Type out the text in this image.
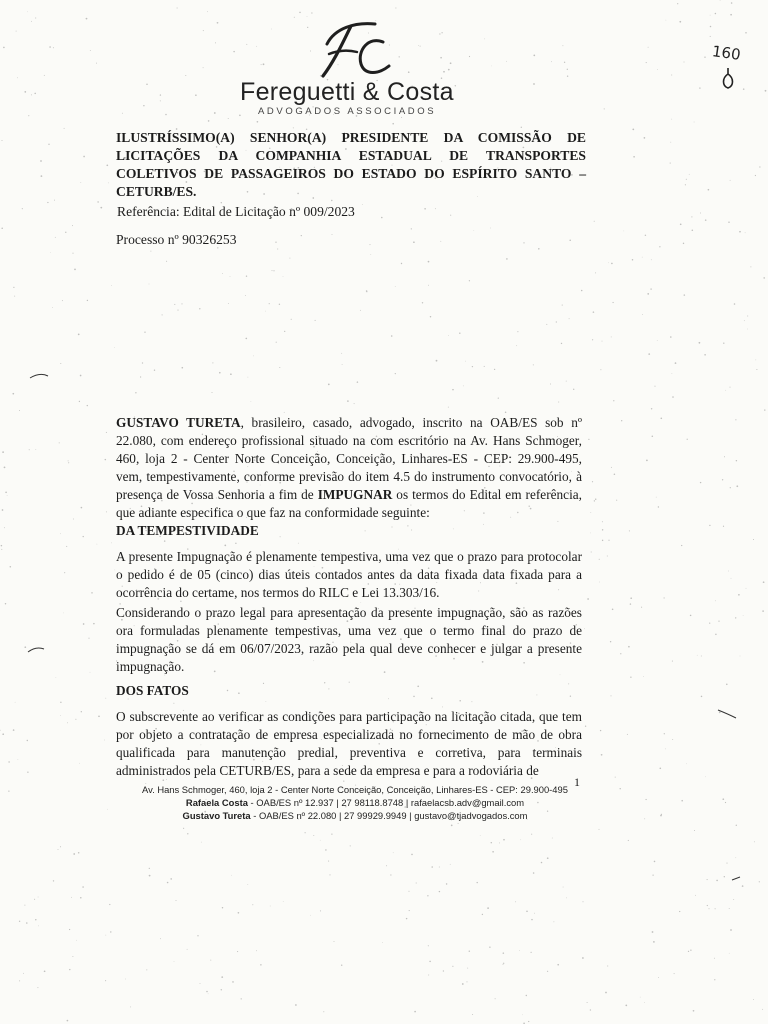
Fereguetti & Costa
ADVOGADOS ASSOCIADOS
160
ILUSTRÍSSIMO(A) SENHOR(A) PRESIDENTE DA COMISSÃO DE LICITAÇÕES DA COMPANHIA ESTADUAL DE TRANSPORTES COLETIVOS DE PASSAGEIROS DO ESTADO DO ESPÍRITO SANTO –
CETURB/ES.
Referência: Edital de Licitação nº 009/2023
Processo nº 90326253
GUSTAVO TURETA, brasileiro, casado, advogado, inscrito na OAB/ES sob nº 22.080, com endereço profissional situado na com escritório na Av. Hans Schmoger, 460, loja 2 - Center Norte Conceição, Conceição, Linhares-ES - CEP: 29.900-495, vem, tempestivamente, conforme previsão do item 4.5 do instrumento convocatório, à presença de Vossa Senhoria a fim de IMPUGNAR os termos do Edital em referência, que adiante especifica o que faz na conformidade seguinte:
DA TEMPESTIVIDADE
A presente Impugnação é plenamente tempestiva, uma vez que o prazo para protocolar o pedido é de 05 (cinco) dias úteis contados antes da data fixada data fixada para a ocorrência do certame, nos termos do RILC e Lei 13.303/16.
Considerando o prazo legal para apresentação da presente impugnação, são as razões ora formuladas plenamente tempestivas, uma vez que o termo final do prazo de impugnação se dá em 06/07/2023, razão pela qual deve conhecer e julgar a presente impugnação.
DOS FATOS
O subscrevente ao verificar as condições para participação na licitação citada, que tem por objeto a contratação de empresa especializada no fornecimento de mão de obra qualificada para manutenção predial, preventiva e corretiva, para terminais administrados pela CETURB/ES, para a sede da empresa e para a rodoviária de
1
Av. Hans Schmoger, 460, loja 2 - Center Norte Conceição, Conceição, Linhares-ES - CEP: 29.900-495
Rafaela Costa - OAB/ES nº 12.937 | 27 98118.8748 | rafaelacsb.adv@gmail.com
Gustavo Tureta - OAB/ES nº 22.080 | 27 99929.9949 | gustavo@tjadvogados.com
